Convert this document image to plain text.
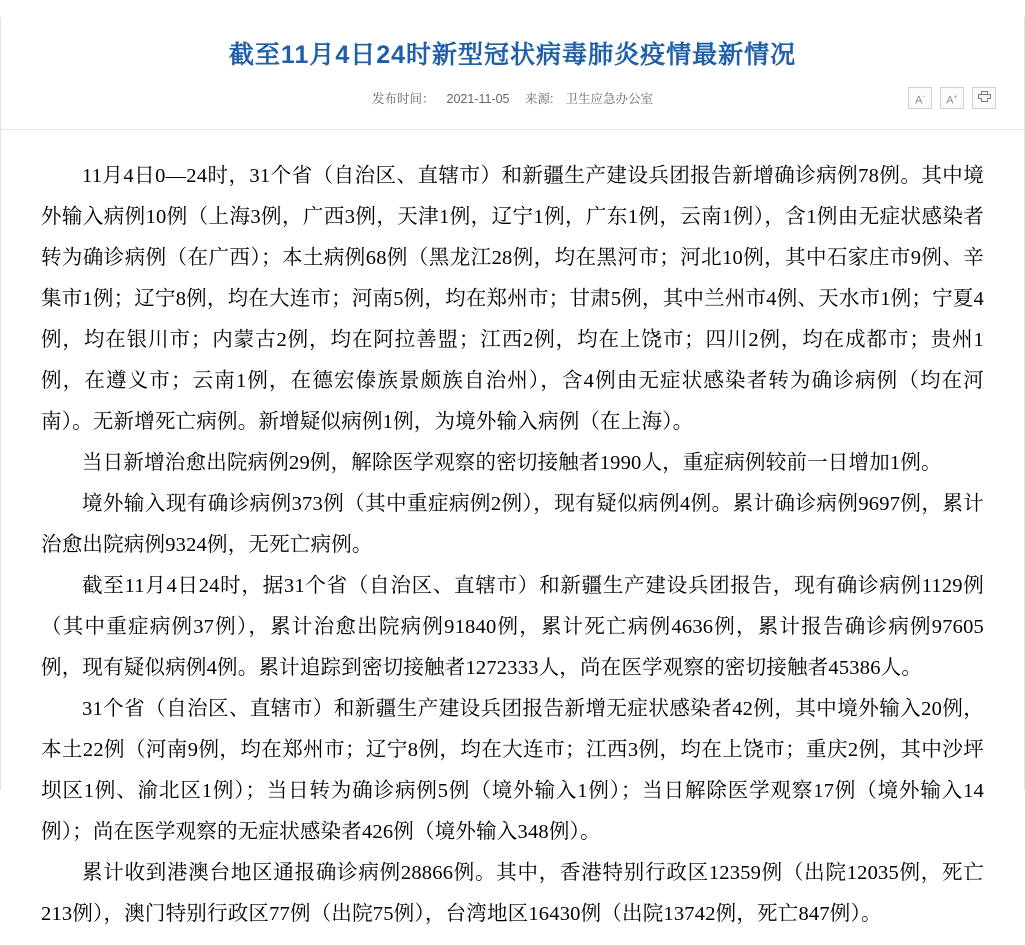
截至11月4日24时新型冠状病毒肺炎疫情最新情况
发布时间： 2021-11-05 来源: 卫生应急办公室	A-	A+

11月4日0—24时，31个省（自治区、直辖市）和新疆生产建设兵团报告新增确诊病例78例。其中境外输入病例10例（上海3例，广西3例，天津1例，辽宁1例，广东1例，云南1例），含1例由无症状感染者转为确诊病例（在广西）；本土病例68例（黑龙江28例，均在黑河市；河北10例，其中石家庄市9例、辛集市1例；辽宁8例，均在大连市；河南5例，均在郑州市；甘肃5例，其中兰州市4例、天水市1例；宁夏4例，均在银川市；内蒙古2例，均在阿拉善盟；江西2例，均在上饶市；四川2例，均在成都市；贵州1例，在遵义市；云南1例，在德宏傣族景颇族自治州），含4例由无症状感染者转为确诊病例（均在河南）。无新增死亡病例。新增疑似病例1例，为境外输入病例（在上海）。

当日新增治愈出院病例29例，解除医学观察的密切接触者1990人，重症病例较前一日增加1例。

境外输入现有确诊病例373例（其中重症病例2例），现有疑似病例4例。累计确诊病例9697例，累计治愈出院病例9324例，无死亡病例。

截至11月4日24时，据31个省（自治区、直辖市）和新疆生产建设兵团报告，现有确诊病例1129例（其中重症病例37例），累计治愈出院病例91840例，累计死亡病例4636例，累计报告确诊病例97605例，现有疑似病例4例。累计追踪到密切接触者1272333人，尚在医学观察的密切接触者45386人。

31个省（自治区、直辖市）和新疆生产建设兵团报告新增无症状感染者42例，其中境外输入20例，本土22例（河南9例，均在郑州市；辽宁8例，均在大连市；江西3例，均在上饶市；重庆2例，其中沙坪坝区1例、渝北区1例）；当日转为确诊病例5例（境外输入1例）；当日解除医学观察17例（境外输入14例）；尚在医学观察的无症状感染者426例（境外输入348例）。

累计收到港澳台地区通报确诊病例28866例。其中，香港特别行政区12359例（出院12035例，死亡213例），澳门特别行政区77例（出院75例），台湾地区16430例（出院13742例，死亡847例）。
